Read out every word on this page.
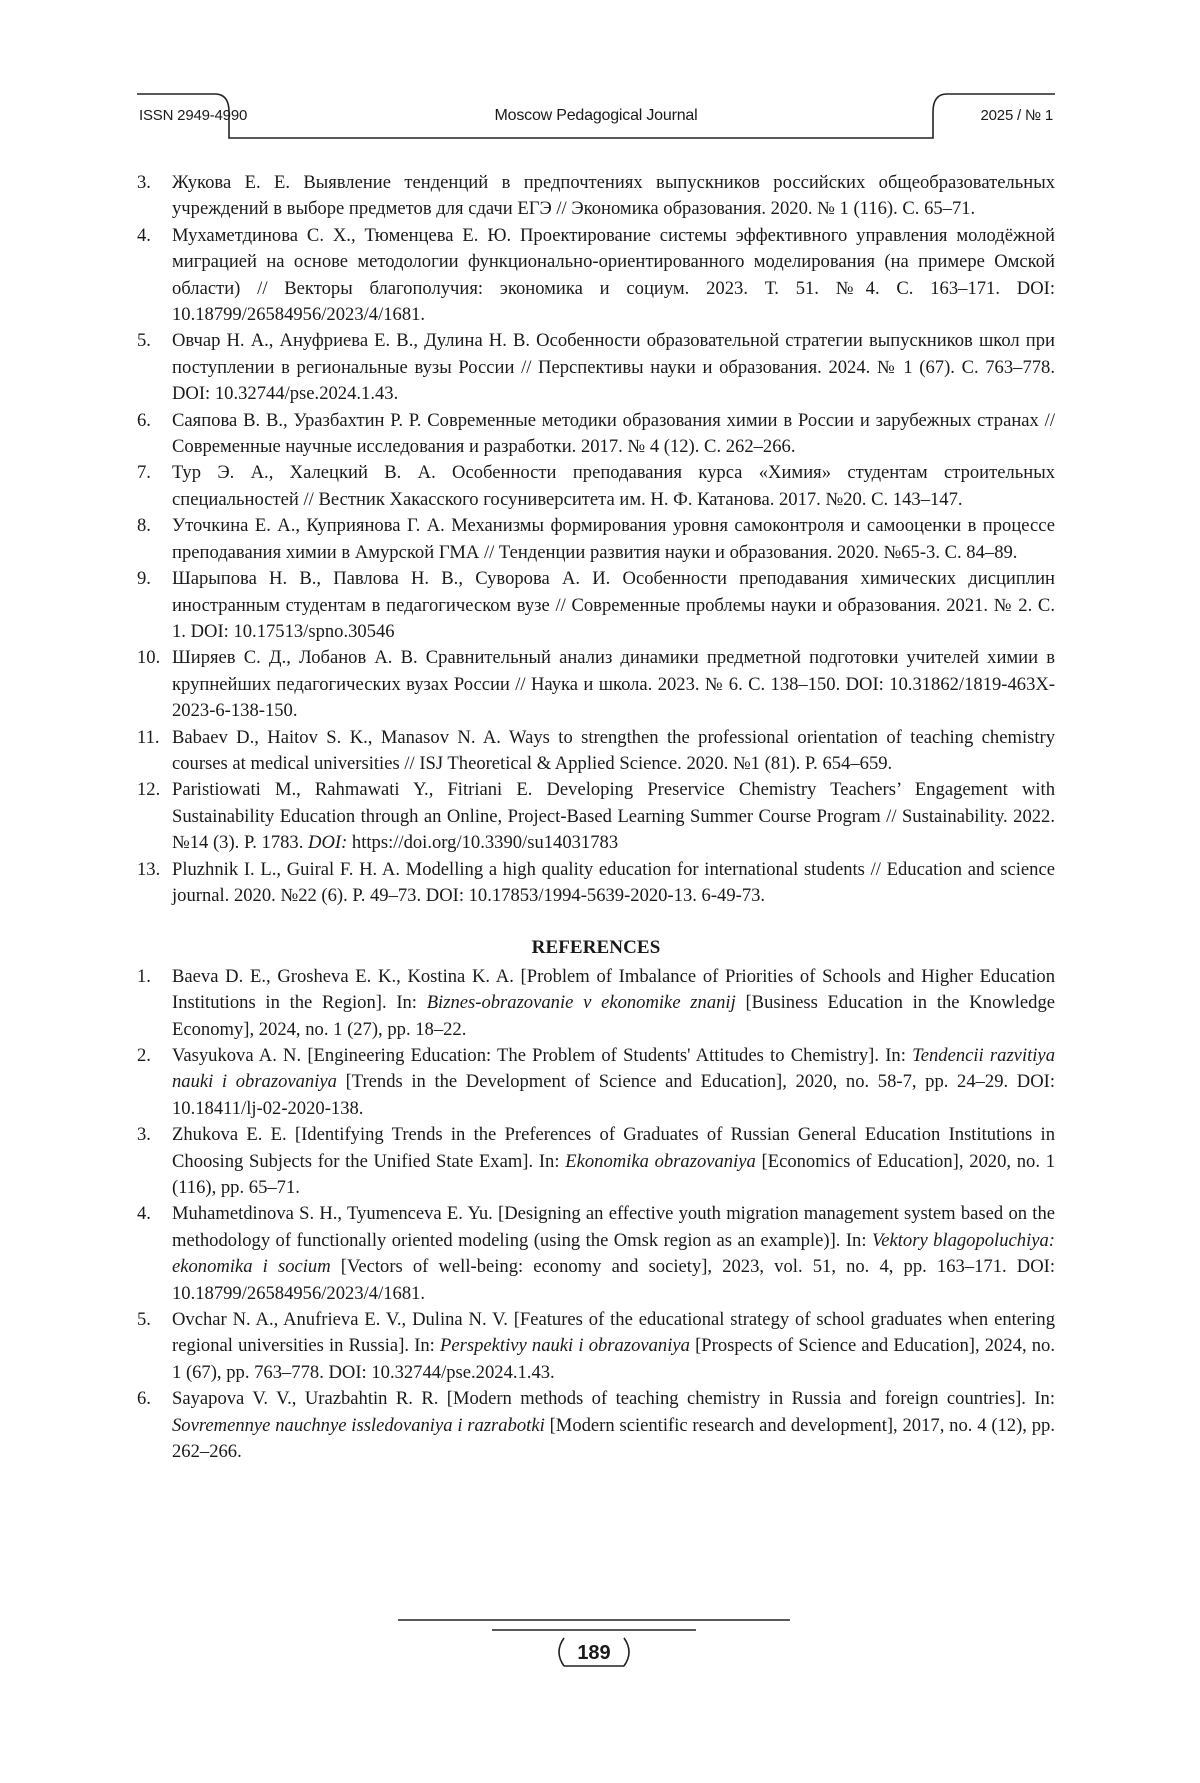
ISSN 2949-4990	Moscow Pedagogical Journal	2025 / № 1
3.	Жукова Е. Е. Выявление тенденций в предпочтениях выпускников российских общеобразовательных учреждений в выборе предметов для сдачи ЕГЭ // Экономика образования. 2020. № 1 (116). С. 65–71.
4.	Мухаметдинова С. Х., Тюменцева Е. Ю. Проектирование системы эффективного управления молодёжной миграцией на основе методологии функционально-ориентированного моделирования (на примере Омской области) // Векторы благополучия: экономика и социум. 2023. Т. 51. №4. С. 163–171. DOI: 10.18799/26584956/2023/4/1681.
5.	Овчар Н. А., Ануфриева Е. В., Дулина Н. В. Особенности образовательной стратегии выпускников школ при поступлении в региональные вузы России // Перспективы науки и образования. 2024. № 1 (67). С. 763–778. DOI: 10.32744/pse.2024.1.43.
6.	Саяпова В. В., Уразбахтин Р. Р. Современные методики образования химии в России и зарубежных странах // Современные научные исследования и разработки. 2017. № 4 (12). С. 262–266.
7.	Тур Э. А., Халецкий В. А. Особенности преподавания курса «Химия» студентам строительных специальностей // Вестник Хакасского госуниверситета им. Н. Ф. Катанова. 2017. №20. С. 143–147.
8.	Уточкина Е. А., Куприянова Г. А. Механизмы формирования уровня самоконтроля и самооценки в процессе преподавания химии в Амурской ГМА // Тенденции развития науки и образования. 2020. №65-3. С. 84–89.
9.	Шарыпова Н. В., Павлова Н. В., Суворова А. И. Особенности преподавания химических дисциплин иностранным студентам в педагогическом вузе // Современные проблемы науки и образования. 2021. № 2. С. 1. DOI: 10.17513/spno.30546
10. Ширяев С. Д., Лобанов А. В. Сравнительный анализ динамики предметной подготовки учителей химии в крупнейших педагогических вузах России // Наука и школа. 2023. № 6. С. 138–150. DOI: 10.31862/1819-463X-2023-6-138-150.
11. Babaev D., Haitov S. K., Manasov N. A. Ways to strengthen the professional orientation of teaching chemistry courses at medical universities // ISJ Theoretical & Applied Science. 2020. №1 (81). P. 654–659.
12. Paristiowati M., Rahmawati Y., Fitriani E. Developing Preservice Chemistry Teachers’ Engagement with Sustainability Education through an Online, Project-Based Learning Summer Course Program // Sustainability. 2022. №14 (3). P. 1783. DOI: https://doi.org/10.3390/su14031783
13. Pluzhnik I. L., Guiral F. H. A. Modelling a high quality education for international students // Education and science journal. 2020. №22 (6). P. 49–73. DOI: 10.17853/1994-5639-2020-13. 6-49-73.
REFERENCES
1.	Baeva D. E., Grosheva E. K., Kostina K. A. [Problem of Imbalance of Priorities of Schools and Higher Education Institutions in the Region]. In: Biznes-obrazovanie v ekonomike znanij [Business Education in the Knowledge Economy], 2024, no. 1 (27), pp. 18–22.
2.	Vasyukova A. N. [Engineering Education: The Problem of Students' Attitudes to Chemistry]. In: Tendencii razvitiya nauki i obrazovaniya [Trends in the Development of Science and Education], 2020, no. 58-7, pp. 24–29. DOI: 10.18411/lj-02-2020-138.
3.	Zhukova E. E. [Identifying Trends in the Preferences of Graduates of Russian General Education Institutions in Choosing Subjects for the Unified State Exam]. In: Ekonomika obrazovaniya [Economics of Education], 2020, no. 1 (116), pp. 65–71.
4.	Muhametdinova S. H., Tyumenceva E. Yu. [Designing an effective youth migration management system based on the methodology of functionally oriented modeling (using the Omsk region as an example)]. In: Vektory blagopoluchiya: ekonomika i socium [Vectors of well-being: economy and society], 2023, vol. 51, no. 4, pp. 163–171. DOI: 10.18799/26584956/2023/4/1681.
5.	Ovchar N. A., Anufrieva E. V., Dulina N. V. [Features of the educational strategy of school graduates when entering regional universities in Russia]. In: Perspektivy nauki i obrazovaniya [Prospects of Science and Education], 2024, no. 1 (67), pp. 763–778. DOI: 10.32744/pse.2024.1.43.
6.	Sayapova V. V., Urazbahtin R. R. [Modern methods of teaching chemistry in Russia and foreign countries]. In: Sovremennye nauchnye issledovaniya i razrabotki [Modern scientific research and development], 2017, no. 4 (12), pp. 262–266.
189
